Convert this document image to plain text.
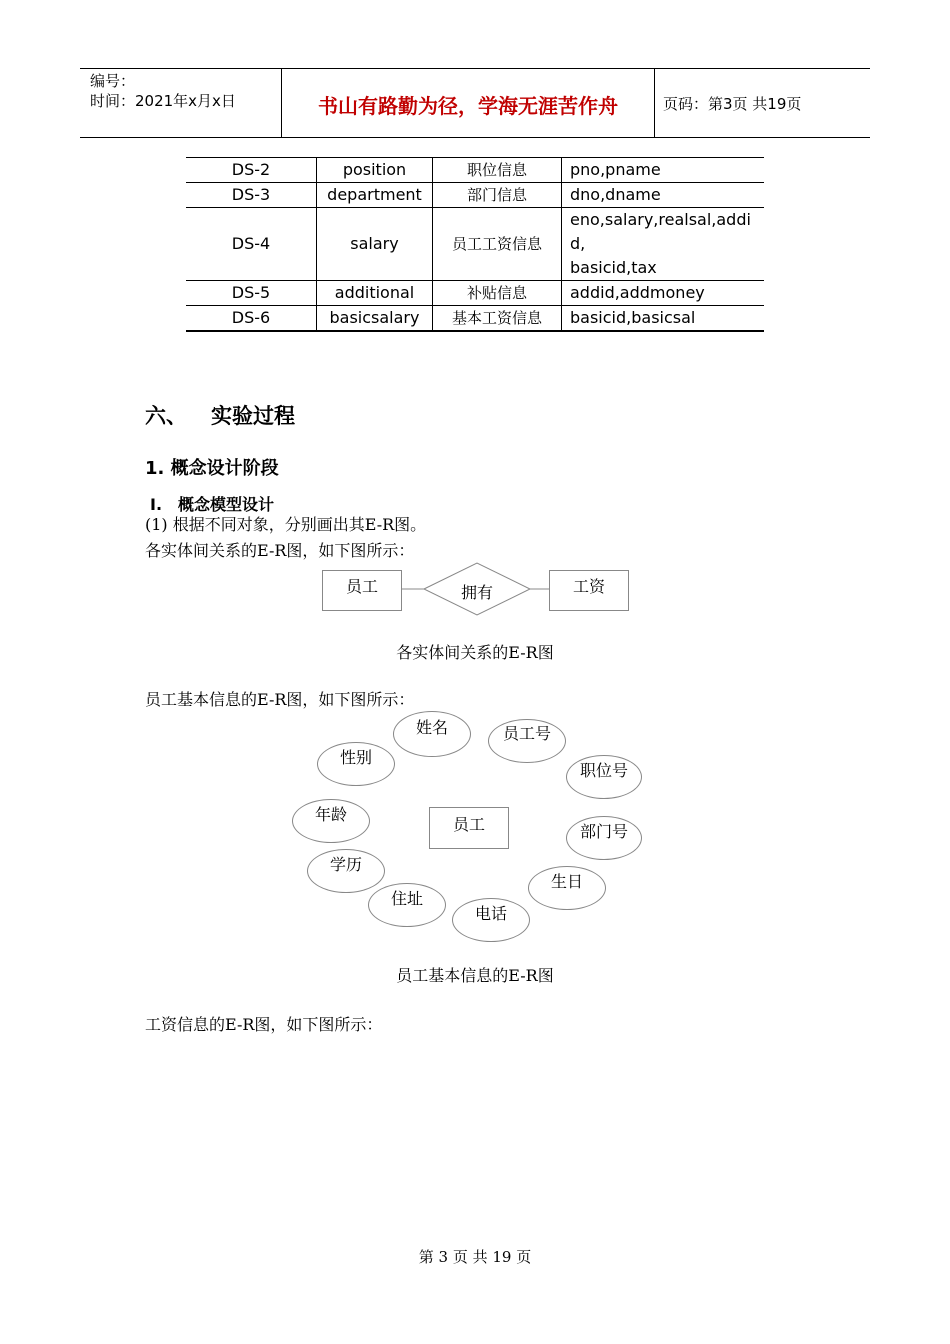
编号：
时间：2021年x月x日	书山有路勤为径，学海无涯苦作舟	页码：第3页 共19页
DS-2	position	职位信息	pno,pname
DS-3	department	部门信息	dno,dname
DS-4	salary	员工工资信息	eno,salary,realsal,addid,
basicid,tax
DS-5	additional	补贴信息	addid,addmoney
DS-6	basicsalary	基本工资信息	basicid,basicsal
六、 实验过程
1. 概念设计阶段
I. 概念模型设计
(1) 根据不同对象，分别画出其E-R图。
各实体间关系的E-R图，如下图所示：
员工	拥有	工资
各实体间关系的E-R图
员工基本信息的E-R图，如下图所示：
员工
姓名	员工号
职位号
部门号
生日
电话
住址
学历
年龄
性别
员工基本信息的E-R图
工资信息的E-R图，如下图所示：
第 3 页 共 19 页
